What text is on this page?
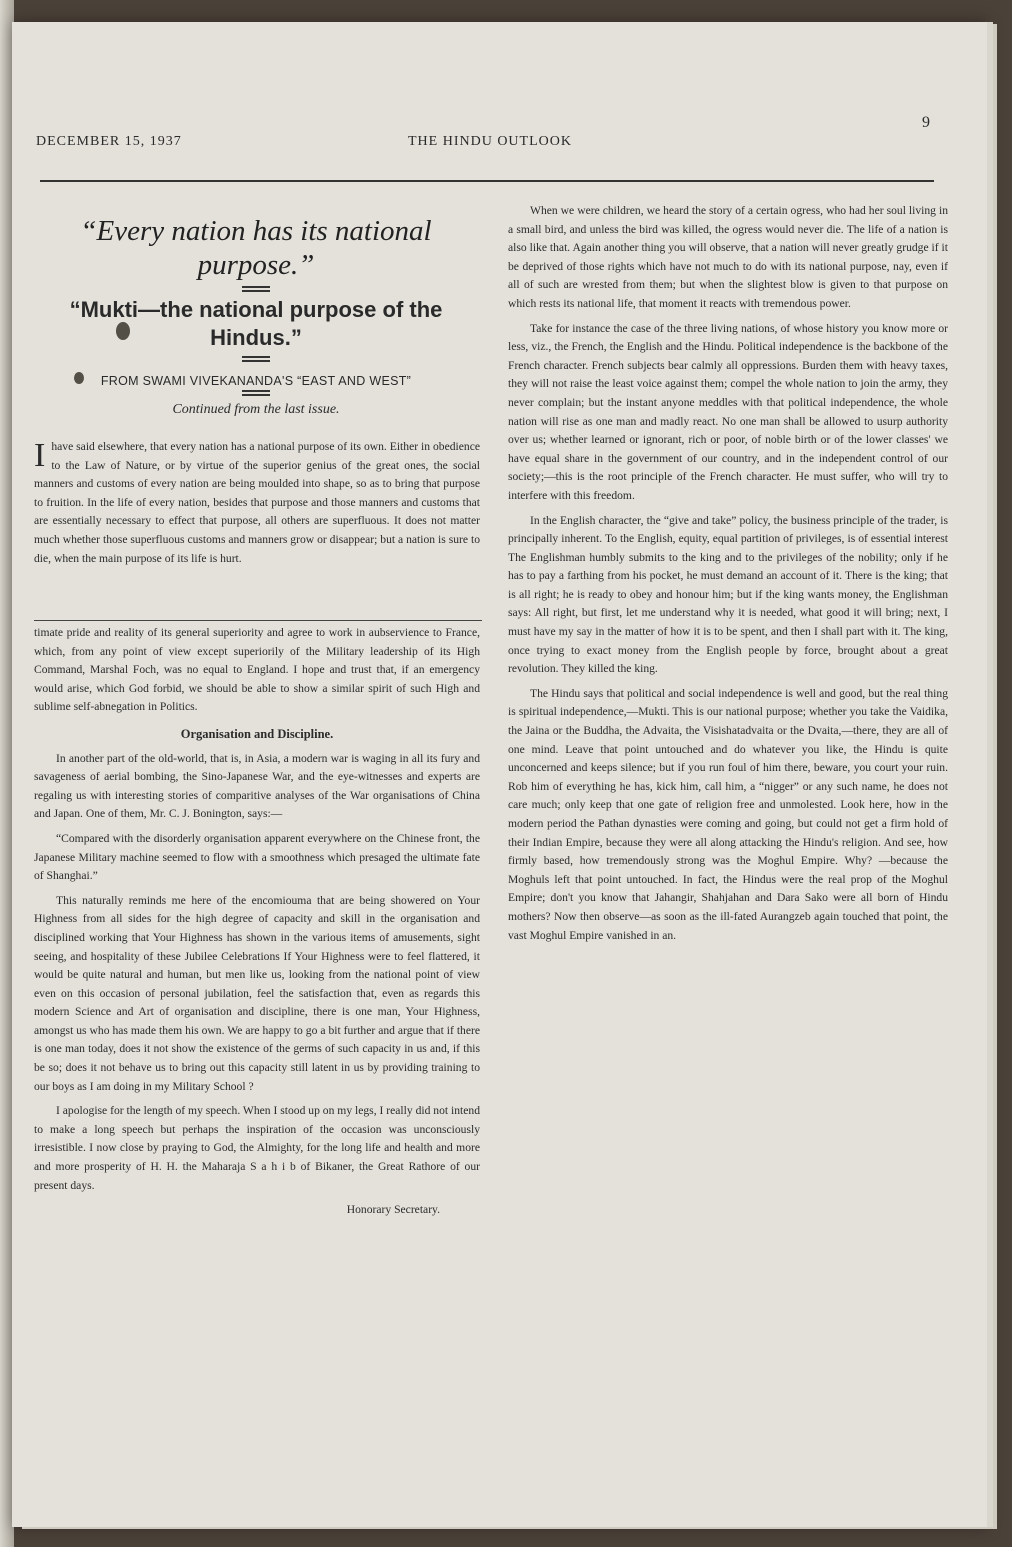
DECEMBER 15, 1937	THE HINDU OUTLOOK
9
“Every nation has its national purpose.”
“Mukti—the national purpose of the Hindus.”
FROM SWAMI VIVEKANANDA'S “EAST AND WEST”
Continued from the last issue.
I have said elsewhere, that every nation has a national purpose of its own. Either in obedience to the Law of Nature, or by virtue of the superior genius of the great ones, the social manners and customs of every nation are being moulded into shape, so as to bring that purpose to fruition. In the life of every nation, besides that purpose and those manners and customs that are essentially necessary to effect that purpose, all others are superfluous. It does not matter much whether those superfluous customs and manners grow or disappear; but a nation is sure to die, when the main purpose of its life is hurt.

timate pride and reality of its general superiority and agree to work in aubservience to France, which, from any point of view except superiorily of the Military leadership of its High Command, Marshal Foch, was no equal to England. I hope and trust that, if an emergency would arise, which God forbid, we should be able to show a similar spirit of such High and sublime self-abnegation in Politics.

Organisation and Discipline.

In another part of the old-world, that is, in Asia, a modern war is waging in all its fury and savageness of aerial bombing, the Sino-Japanese War, and the eye-witnesses and experts are regaling us with interesting stories of comparitive analyses of the War organisations of China and Japan. One of them, Mr. C. J. Bonington, says:—

“Compared with the disorderly organisation apparent everywhere on the Chinese front, the Japanese Military machine seemed to flow with a smoothness which presaged the ultimate fate of Shanghai.”

This naturally reminds me here of the encomiouma that are being showered on Your Highness from all sides for the high degree of capacity and skill in the organisation and disciplined working that Your Highness has shown in the various items of amusements, sight seeing, and hospitality of these Jubilee Celebrations If Your Highness were to feel flattered, it would be quite natural and human, but men like us, looking from the national point of view even on this occasion of personal jubilation, feel the satisfaction that, even as regards this modern Science and Art of organisation and discipline, there is one man, Your Highness, amongst us who has made them his own. We are happy to go a bit further and argue that if there is one man today, does it not show the existence of the germs of such capacity in us and, if this be so; does it not behave us to bring out this capacity still latent in us by providing training to our boys as I am doing in my Military School ?

I apologise for the length of my speech. When I stood up on my legs, I really did not intend to make a long speech but perhaps the inspiration of the occasion was unconsciously irresistible. I now close by praying to God, the Almighty, for the long life and health and more and more prosperity of H. H. the Maharaja S a h i b of Bikaner, the Great Rathore of our present days.

Honorary Secretary.

When we were children, we heard the story of a certain ogress, who had her soul living in a small bird, and unless the bird was killed, the ogress would never die. The life of a nation is also like that. Again another thing you will observe, that a nation will never greatly grudge if it be deprived of those rights which have not much to do with its national purpose, nay, even if all of such are wrested from them; but when the slightest blow is given to that purpose on which rests its national life, that moment it reacts with tremendous power.

Take for instance the case of the three living nations, of whose history you know more or less, viz., the French, the English and the Hindu. Political independence is the backbone of the French character. French subjects bear calmly all oppressions. Burden them with heavy taxes, they will not raise the least voice against them; compel the whole nation to join the army, they never complain; but the instant anyone meddles with that political independence, the whole nation will rise as one man and madly react. No one man shall be allowed to usurp authority over us; whether learned or ignorant, rich or poor, of noble birth or of the lower classes' we have equal share in the government of our country, and in the independent control of our society;—this is the root principle of the French character. He must suffer, who will try to interfere with this freedom.

In the English character, the “give and take” policy, the business principle of the trader, is principally inherent. To the English, equity, equal partition of privileges, is of essential interest The Englishman humbly submits to the king and to the privileges of the nobility; only if he has to pay a farthing from his pocket, he must demand an account of it. There is the king; that is all right; he is ready to obey and honour him; but if the king wants money, the Englishman says: All right, but first, let me understand why it is needed, what good it will bring; next, I must have my say in the matter of how it is to be spent, and then I shall part with it. The king, once trying to exact money from the English people by force, brought about a great revolution. They killed the king.

The Hindu says that political and social independence is well and good, but the real thing is spiritual independence,—Mukti. This is our national purpose; whether you take the Vaidika, the Jaina or the Buddha, the Advaita, the Visishatadvaita or the Dvaita,—there, they are all of one mind. Leave that point untouched and do whatever you like, the Hindu is quite unconcerned and keeps silence; but if you run foul of him there, beware, you court your ruin. Rob him of everything he has, kick him, call him, a “nigger” or any such name, he does not care much; only keep that one gate of religion free and unmolested. Look here, how in the modern period the Pathan dynasties were coming and going, but could not get a firm hold of their Indian Empire, because they were all along attacking the Hindu's religion. And see, how firmly based, how tremendously strong was the Moghul Empire. Why? —because the Moghuls left that point untouched. In fact, the Hindus were the real prop of the Moghul Empire; don't you know that Jahangir, Shahjahan and Dara Sako were all born of Hindu mothers? Now then observe—as soon as the ill-fated Aurangzeb again touched that point, the vast Moghul Empire vanished in an.
